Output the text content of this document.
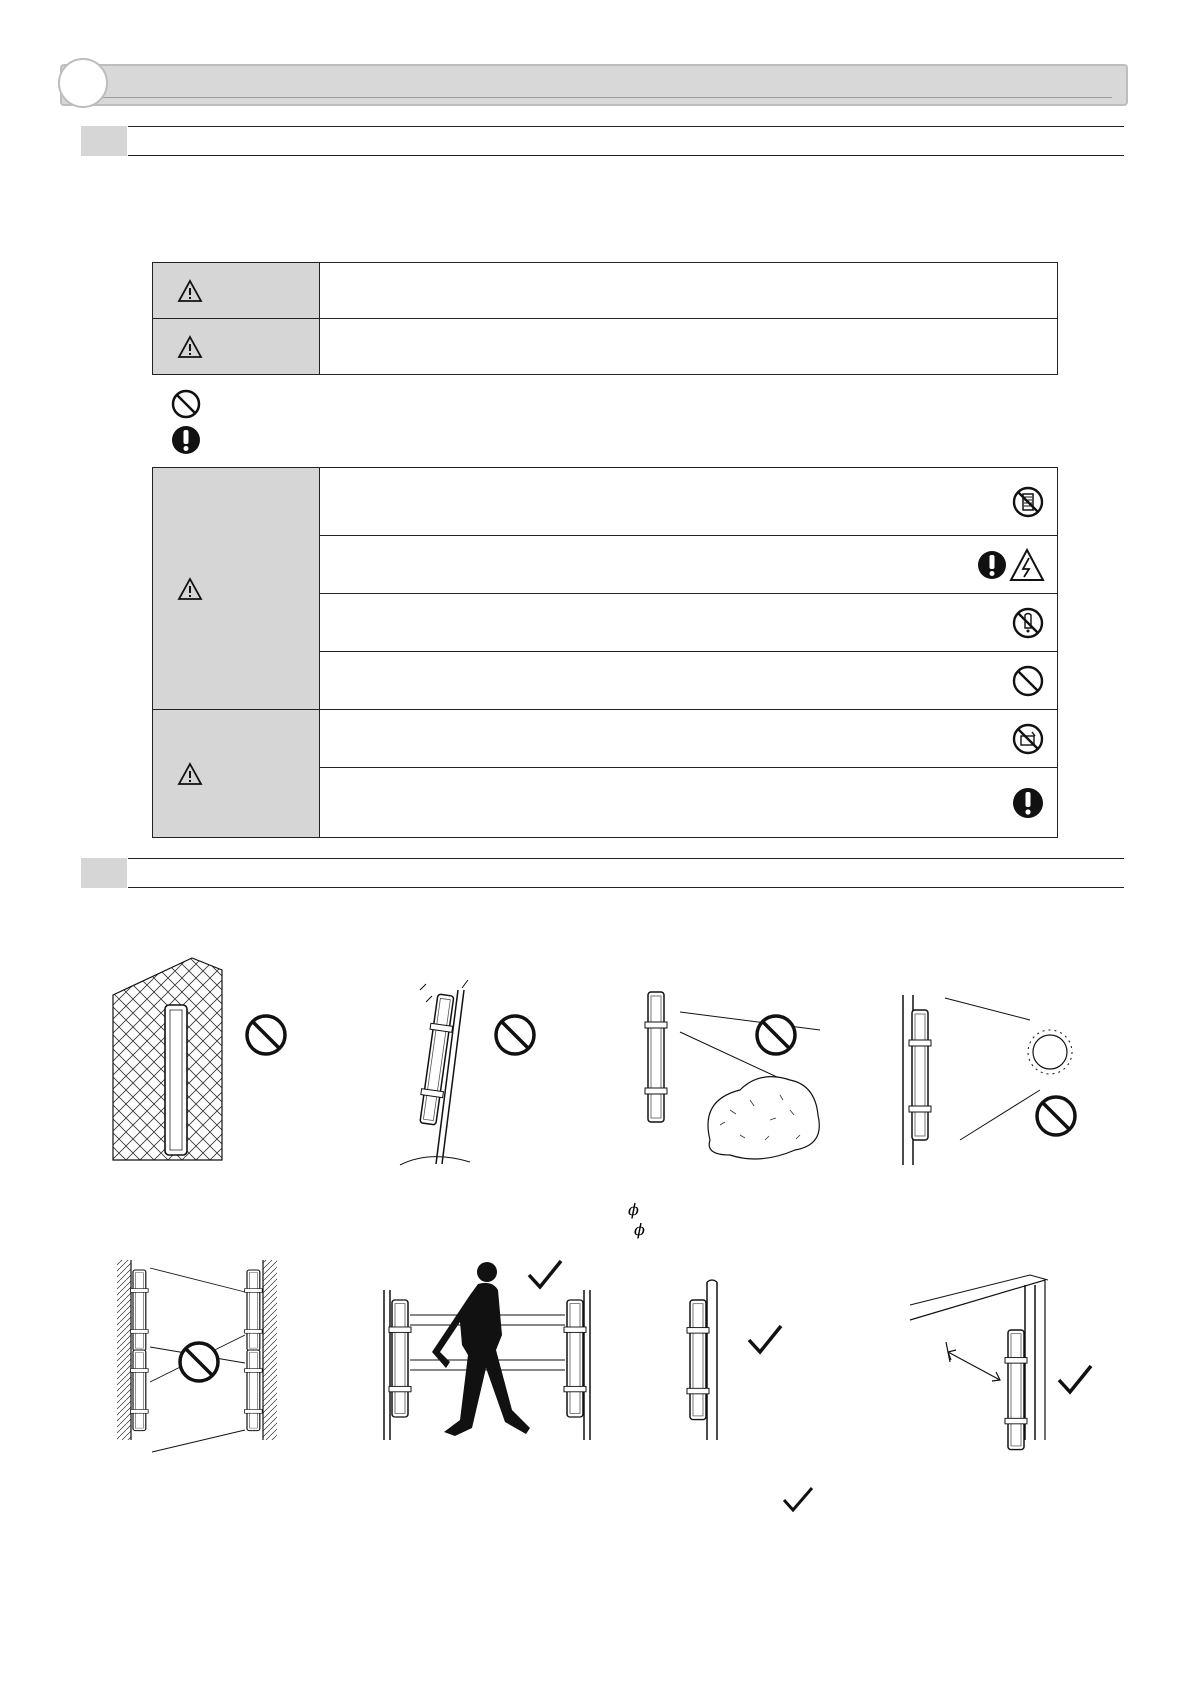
ϕ
ϕ
